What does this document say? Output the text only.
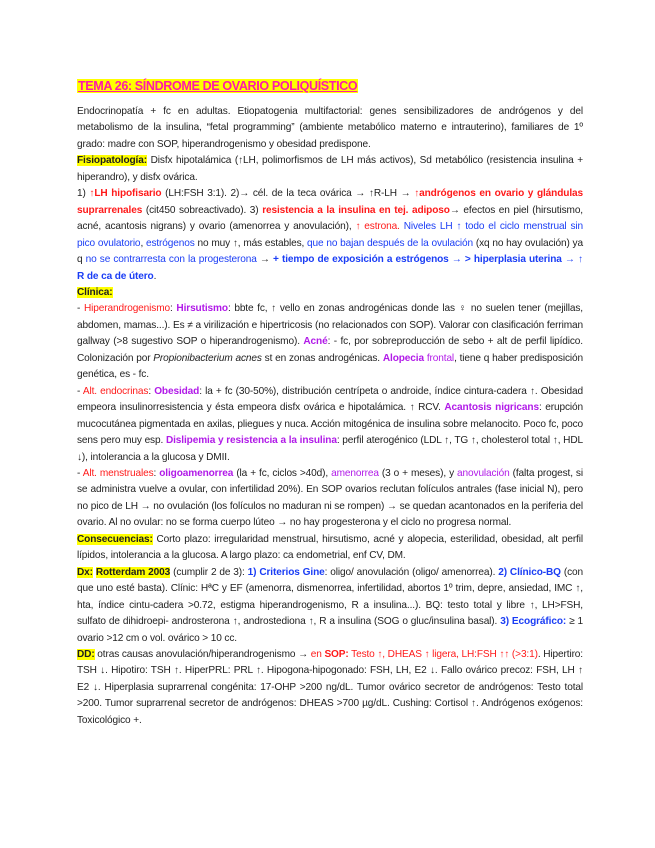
TEMA 26: SÍNDROME DE OVARIO POLIQUÍSTICO

Endocrinopatía + fc en adultas. Etiopatogenia multifactorial: genes sensibilizadores de andrógenos y del metabolismo de la insulina, “fetal programming” (ambiente metabólico materno e intrauterino), familiares de 1º grado: madre con SOP, hiperandrogenismo y obesidad predispone.

Fisiopatología: Disfx hipotalámica (↑LH, polimorfismos de LH más activos), Sd metabólico (resistencia insulina + hiperandro), y disfx ovárica.
1) ↑LH hipofisario (LH:FSH 3:1). 2)→ cél. de la teca ovárica → ↑R-LH → ↑andrógenos en ovario y glándulas suprarrenales (cit450 sobreactivado). 3) resistencia a la insulina en tej. adiposo→ efectos en piel (hirsutismo, acné, acantosis nigrans) y ovario (amenorrea y anovulación), ↑ estrona. Niveles LH ↑ todo el ciclo menstrual sin pico ovulatorio, estrógenos no muy ↑, más estables, que no bajan después de la ovulación (xq no hay ovulación) ya q no se contrarresta con la progesterona → + tiempo de exposición a estrógenos → > hiperplasia uterina → ↑ R de ca de útero.

Clínica:

- Hiperandrogenismo: Hirsutismo: bbte fc, ↑ vello en zonas androgénicas donde las ♀ no suelen tener (mejillas, abdomen, mamas...). Es ≠ a virilización e hipertricosis (no relacionados con SOP). Valorar con clasificación ferriman gallway (>8 sugestivo SOP o hiperandrogenismo). Acné: - fc, por sobreproducción de sebo + alt de perfil lipídico. Colonización por Propionibacterium acnes st en zonas androgénicas. Alopecia frontal, tiene q haber predisposición genética, es - fc.

- Alt. endocrinas: Obesidad: la + fc (30-50%), distribución centrípeta o androide, índice cintura-cadera ↑. Obesidad empeora insulinorresistencia y ésta empeora disfx ovárica e hipotalámica. ↑ RCV. Acantosis nigricans: erupción mucocutánea pigmentada en axilas, pliegues y nuca. Acción mitogénica de insulina sobre melanocito. Poco fc, poco sens pero muy esp. Dislipemia y resistencia a la insulina: perfil aterogénico (LDL ↑, TG ↑, cholesterol total ↑, HDL ↓), intolerancia a la glucosa y DMII.

- Alt. menstruales: oligoamenorrea (la + fc, ciclos >40d), amenorrea (3 o + meses), y anovulación (falta progest, si se administra vuelve a ovular, con infertilidad 20%). En SOP ovarios reclutan folículos antrales (fase inicial N), pero no pico de LH → no ovulación (los folículos no maduran ni se rompen) → se quedan acantonados en la periferia del ovario. Al no ovular: no se forma cuerpo lúteo → no hay progesterona y el ciclo no progresa normal.

Consecuencias: Corto plazo: irregularidad menstrual, hirsutismo, acné y alopecia, esterilidad, obesidad, alt perfil lípidos, intolerancia a la glucosa. A largo plazo: ca endometrial, enf CV, DM.

Dx: Rotterdam 2003 (cumplir 2 de 3): 1) Criterios Gine: oligo/ anovulación (oligo/ amenorrea). 2) Clínico-BQ (con que uno esté basta). Clínic: HªC y EF (amenorra, dismenorrea, infertilidad, abortos 1º trim, depre, ansiedad, IMC ↑, hta, índice cintu-cadera >0.72, estigma hiperandrogenismo, R a insulina...). BQ: testo total y libre ↑, LH>FSH, sulfato de dihidroepi- androsterona ↑, androstediona ↑, R a insulina (SOG o gluc/insulina basal). 3) Ecográfico: ≥ 1 ovario >12 cm o vol. ovárico > 10 cc.

DD: otras causas anovulación/hiperandrogenismo → en SOP: Testo ↑, DHEAS ↑ ligera, LH:FSH ↑↑ (>3:1). Hipertiro: TSH ↓. Hipotiro: TSH ↑. HiperPRL: PRL ↑. Hipogona-hipogonado: FSH, LH, E2 ↓. Fallo ovárico precoz: FSH, LH ↑ E2 ↓. Hiperplasia suprarrenal congénita: 17-OHP >200 ng/dL. Tumor ovárico secretor de andrógenos: Testo total >200. Tumor suprarrenal secretor de andrógenos: DHEAS >700 µg/dL. Cushing: Cortisol ↑. Andrógenos exógenos: Toxicológico +.
